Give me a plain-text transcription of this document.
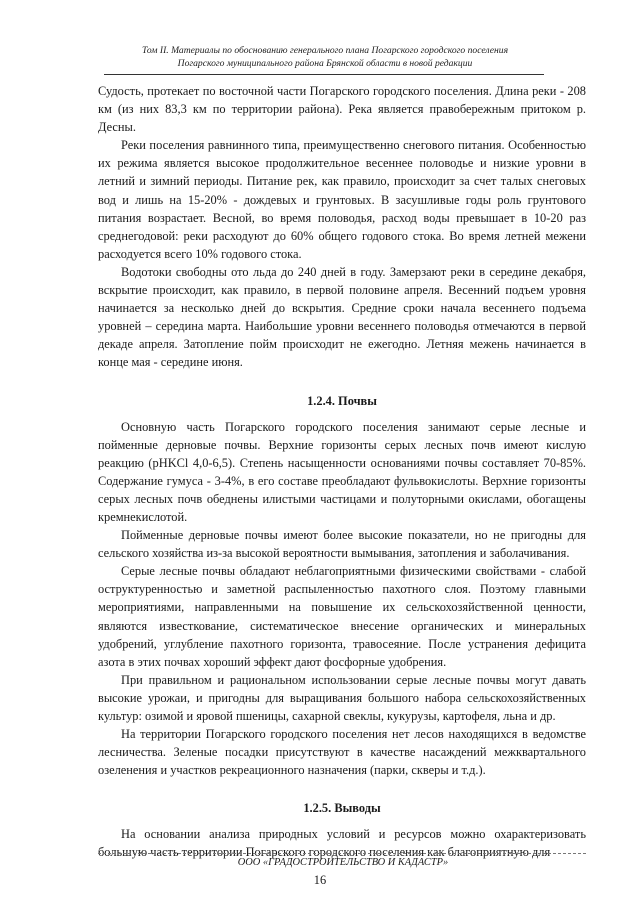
Том II. Материалы по обоснованию генерального плана Погарского городского поселения
Погарского муниципального района Брянской области в новой редакции

Судость, протекает по восточной части Погарского городского поселения. Длина реки - 208 км (из них 83,3 км по территории района). Река является правобережным притоком р. Десны.

Реки поселения равнинного типа, преимущественно снегового питания. Особенностью их режима является высокое продолжительное весеннее половодье и низкие уровни в летний и зимний периоды. Питание рек, как правило, происходит за счет талых снеговых вод и лишь на 15-20% - дождевых и грунтовых. В засушливые годы роль грунтового питания возрастает. Весной, во время половодья, расход воды превышает в 10-20 раз среднегодовой: реки расходуют до 60% общего годового стока. Во время летней межени расходуется всего 10% годового стока.

Водотоки свободны ото льда до 240 дней в году. Замерзают реки в середине декабря, вскрытие происходит, как правило, в первой половине апреля. Весенний подъем уровня начинается за несколько дней до вскрытия. Средние сроки начала весеннего подъема уровней – середина марта. Наибольшие уровни весеннего половодья отмечаются в первой декаде апреля. Затопление пойм происходит не ежегодно. Летняя межень начинается в конце мая - середине июня.

1.2.4. Почвы

Основную часть Погарского городского поселения занимают серые лесные и пойменные дерновые почвы. Верхние горизонты серых лесных почв имеют кислую реакцию (pHKCl 4,0-6,5). Степень насыщенности основаниями почвы составляет 70-85%. Содержание гумуса - 3-4%, в его составе преобладают фульвокислоты. Верхние горизонты серых лесных почв обеднены илистыми частицами и полуторными окислами, обогащены кремнекислотой.

Пойменные дерновые почвы имеют более высокие показатели, но не пригодны для сельского хозяйства из-за высокой вероятности вымывания, затопления и заболачивания.

Серые лесные почвы обладают неблагоприятными физическими свойствами - слабой оструктуренностью и заметной распыленностью пахотного слоя. Поэтому главными мероприятиями, направленными на повышение их сельскохозяйственной ценности, являются известкование, систематическое внесение органических и минеральных удобрений, углубление пахотного горизонта, травосеяние. После устранения дефицита азота в этих почвах хороший эффект дают фосфорные удобрения.

При правильном и рациональном использовании серые лесные почвы могут давать высокие урожаи, и пригодны для выращивания большого набора сельскохозяйственных культур: озимой и яровой пшеницы, сахарной свеклы, кукурузы, картофеля, льна и др.

На территории Погарского городского поселения нет лесов находящихся в ведомстве лесничества. Зеленые посадки присутствуют в качестве насаждений межквартального озеленения и участков рекреационного назначения (парки, скверы и т.д.).

1.2.5. Выводы

На основании анализа природных условий и ресурсов можно охарактеризовать большую часть территории Погарского городского поселения как благоприятную для

ООО «ГРАДОСТРОИТЕЛЬСТВО И КАДАСТР»
16
